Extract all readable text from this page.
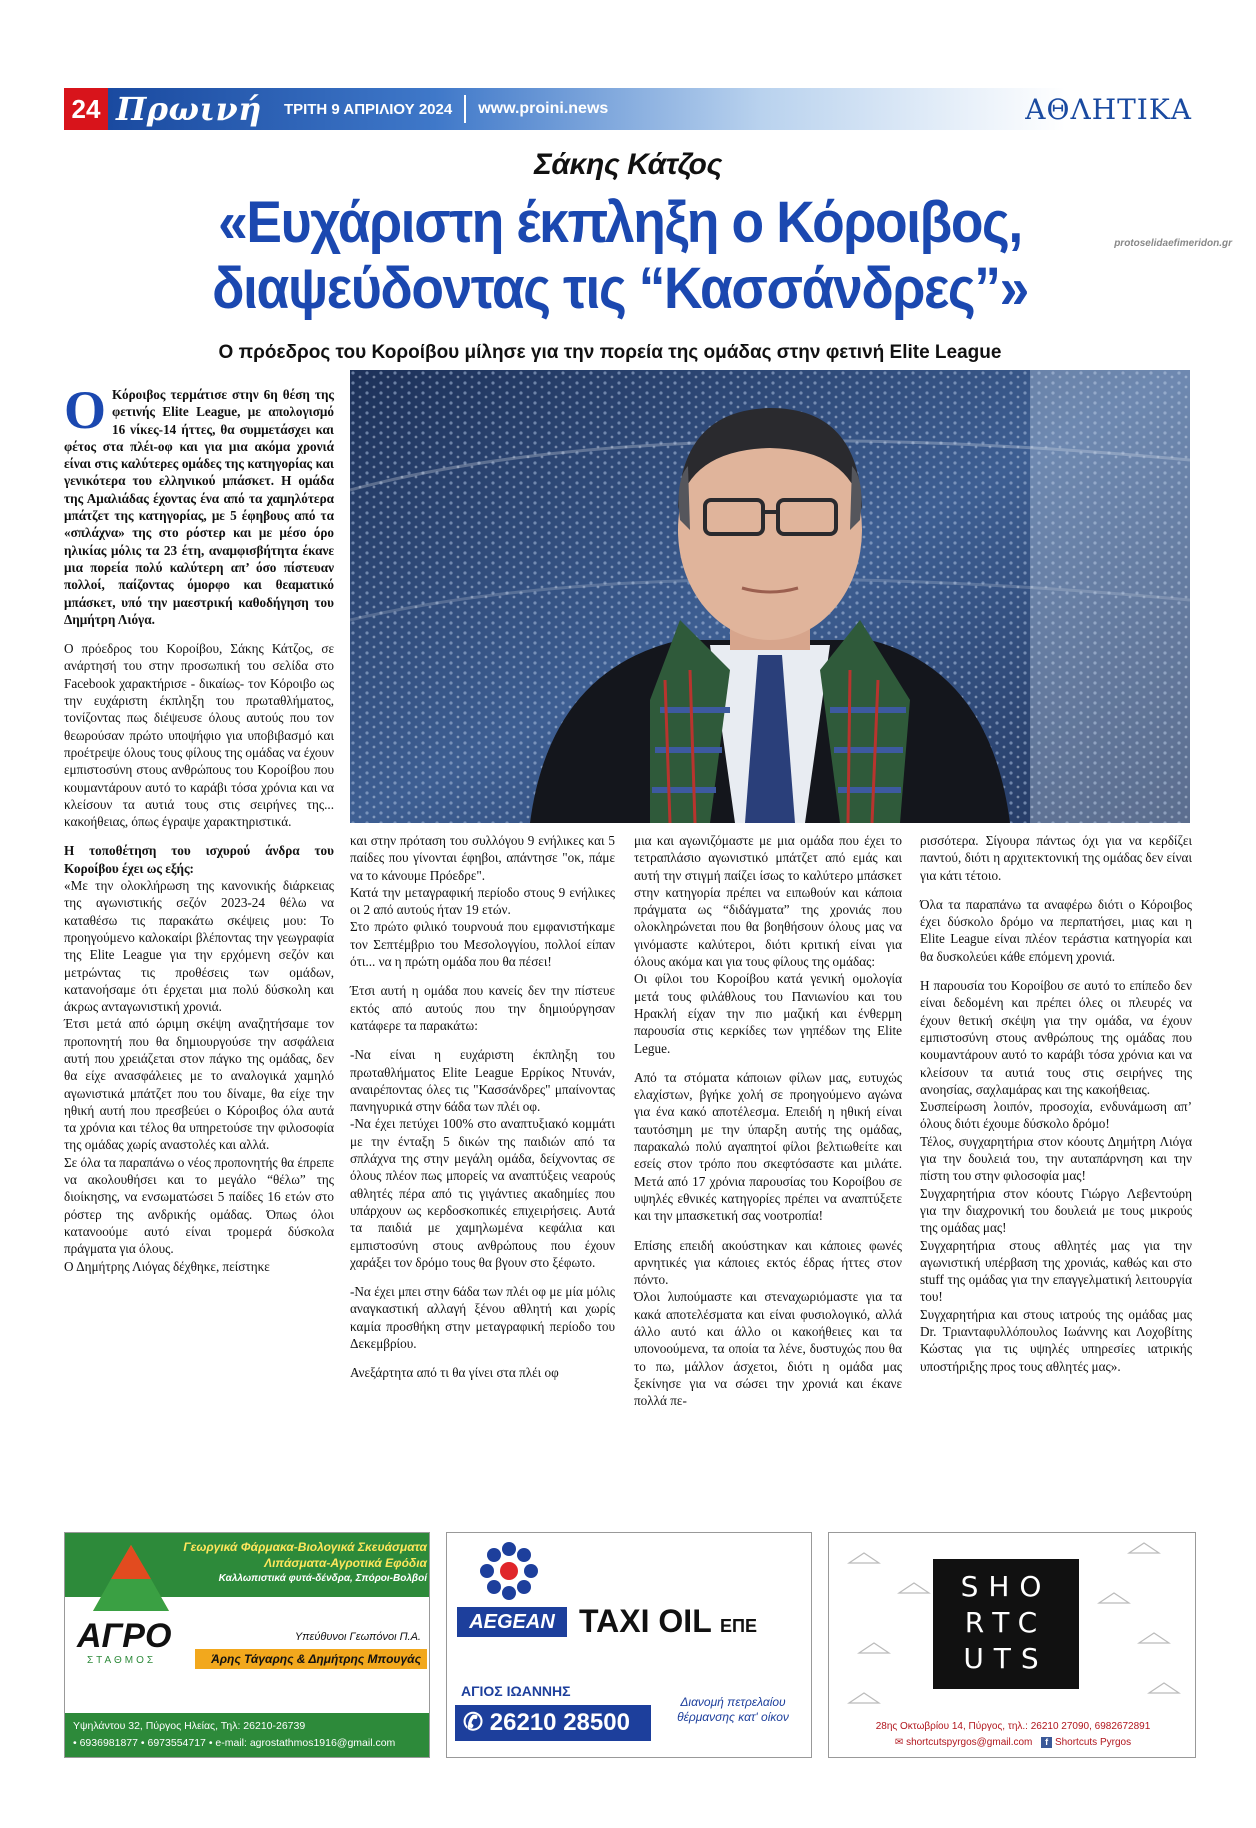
24 Πρωινή ΤΡΙΤΗ 9 ΑΠΡΙΛΙΟΥ 2024 www.proini.news	ΑΘΛΗΤΙΚΑ
protoselidaefimeridon.gr
Σάκης Κάτζος
«Ευχάριστη έκπληξη ο Κόροιβος,
διαψεύδοντας τις “Κασσάνδρες”»
Ο πρόεδρος του Κοροίβου μίλησε για την πορεία της ομάδας στην φετινή Elite League

Ο Κόροιβος τερμάτισε στην 6η θέση της φετινής Elite League, με απολογισμό 16 νίκες-14 ήττες, θα συμμετάσχει και φέτος στα πλέι-οφ και για μια ακόμα χρονιά είναι στις καλύτερες ομάδες της κατηγορίας και γενικότερα του ελληνικού μπάσκετ. Η ομάδα της Αμαλιάδας έχοντας ένα από τα χαμηλότερα μπάτζετ της κατηγορίας, με 5 έφηβους από τα «σπλάχνα» της στο ρόστερ και με μέσο όρο ηλικίας μόλις τα 23 έτη, αναμφισβήτητα έκανε μια πορεία πολύ καλύτερη απ’ όσο πίστευαν πολλοί, παίζοντας όμορφο και θεαματικό μπάσκετ, υπό την μαεστρική καθοδήγηση του Δημήτρη Λιόγα.

Ο πρόεδρος του Κοροίβου, Σάκης Κάτζος, σε ανάρτησή του στην προσωπική του σελίδα στο Facebook χαρακτήρισε - δικαίως- τον Κόροιβο ως την ευχάριστη έκπληξη του πρωταθλήματος, τονίζοντας πως διέψευσε όλους αυτούς που τον θεωρούσαν πρώτο υποψήφιο για υποβιβασμό και προέτρεψε όλους τους φίλους της ομάδας να έχουν εμπιστοσύνη στους ανθρώπους του Κοροίβου που κουμαντάρουν αυτό το καράβι τόσα χρόνια και να κλείσουν τα αυτιά τους στις σειρήνες της... κακοήθειας, όπως έγραψε χαρακτηριστικά.

Η τοποθέτηση του ισχυρού άνδρα του Κοροίβου έχει ως εξής:

«Με την ολοκλήρωση της κανονικής διάρκειας της αγωνιστικής σεζόν 2023-24 θέλω να καταθέσω τις παρακάτω σκέψεις μου: Το προηγούμενο καλοκαίρι βλέποντας την γεωγραφία της Elite League για την ερχόμενη σεζόν και μετρώντας τις προθέσεις των ομάδων, κατανοήσαμε ότι έρχεται μια πολύ δύσκολη και άκρως ανταγωνιστική χρονιά.

Έτσι μετά από ώριμη σκέψη αναζητήσαμε τον προπονητή που θα δημιουργούσε την ασφάλεια αυτή που χρειάζεται στον πάγκο της ομάδας, δεν θα είχε ανασφάλειες με το αναλογικά χαμηλό αγωνιστικά μπάτζετ που του δίναμε, θα είχε την ηθική αυτή που πρεσβεύει ο Κόροιβος όλα αυτά τα χρόνια και τέλος θα υπηρετούσε την φιλοσοφία της ομάδας χωρίς αναστολές και αλλά.

Σε όλα τα παραπάνω ο νέος προπονητής θα έπρεπε να ακολουθήσει και το μεγάλο “θέλω” της διοίκησης, να ενσωματώσει 5 παίδες 16 ετών στο ρόστερ της ανδρικής ομάδας. Όπως όλοι κατανοούμε αυτό είναι τρομερά δύσκολα πράγματα για όλους.

Ο Δημήτρης Λιόγας δέχθηκε, πείστηκε

και στην πρόταση του συλλόγου 9 ενήλικες και 5 παίδες που γίνονται έφηβοι, απάντησε "οκ, πάμε να το κάνουμε Πρόεδρε".

Κατά την μεταγραφική περίοδο στους 9 ενήλικες οι 2 από αυτούς ήταν 19 ετών.

Στο πρώτο φιλικό τουρνουά που εμφανιστήκαμε τον Σεπτέμβριο του Μεσολογγίου, πολλοί είπαν ότι... να η πρώτη ομάδα που θα πέσει!

Έτσι αυτή η ομάδα που κανείς δεν την πίστευε εκτός από αυτούς που την δημιούργησαν κατάφερε τα παρακάτω:

-Να είναι η ευχάριστη έκπληξη του πρωταθλήματος Elite League Ερρίκος Ντυνάν, αναιρέποντας όλες τις "Κασσάνδρες" μπαίνοντας πανηγυρικά στην 6άδα των πλέι οφ.

-Να έχει πετύχει 100% στο αναπτυξιακό κομμάτι με την ένταξη 5 δικών της παιδιών από τα σπλάχνα της στην μεγάλη ομάδα, δείχνοντας σε όλους πλέον πως μπορείς να αναπτύξεις νεαρούς αθλητές πέρα από τις γιγάντιες ακαδημίες που υπάρχουν ως κερδοσκοπικές επιχειρήσεις. Αυτά τα παιδιά με χαμηλωμένα κεφάλια και εμπιστοσύνη στους ανθρώπους που έχουν χαράξει τον δρόμο τους θα βγουν στο ξέφωτο.

-Να έχει μπει στην 6άδα των πλέι οφ με μία μόλις αναγκαστική αλλαγή ξένου αθλητή και χωρίς καμία προσθήκη στην μεταγραφική περίοδο του Δεκεμβρίου.

Ανεξάρτητα από τι θα γίνει στα πλέι οφ

μια και αγωνιζόμαστε με μια ομάδα που έχει το τετραπλάσιο αγωνιστικό μπάτζετ από εμάς και αυτή την στιγμή παίζει ίσως το καλύτερο μπάσκετ στην κατηγορία πρέπει να ειπωθούν και κάποια πράγματα ως “διδάγματα” της χρονιάς που ολοκληρώνεται που θα βοηθήσουν όλους μας να γινόμαστε καλύτεροι, διότι κριτική είναι για όλους ακόμα και για τους φίλους της ομάδας:

Οι φίλοι του Κοροίβου κατά γενική ομολογία μετά τους φιλάθλους του Πανιωνίου και του Ηρακλή είχαν την πιο μαζική και ένθερμη παρουσία στις κερκίδες των γηπέδων της Elite Legue.

Από τα στόματα κάποιων φίλων μας, ευτυχώς ελαχίστων, βγήκε χολή σε προηγούμενο αγώνα για ένα κακό αποτέλεσμα. Επειδή η ηθική είναι ταυτόσημη με την ύπαρξη αυτής της ομάδας, παρακαλώ πολύ αγαπητοί φίλοι βελτιωθείτε και εσείς στον τρόπο που σκεφτόσαστε και μιλάτε. Μετά από 17 χρόνια παρουσίας του Κοροίβου σε υψηλές εθνικές κατηγορίες πρέπει να αναπτύξετε και την μπασκετική σας νοοτροπία!

Επίσης επειδή ακούστηκαν και κάποιες φωνές αρνητικές για κάποιες εκτός έδρας ήττες στον πόντο.

Όλοι λυπούμαστε και στεναχωριόμαστε για τα κακά αποτελέσματα και είναι φυσιολογικό, αλλά άλλο αυτό και άλλο οι κακοήθειες και τα υπονοούμενα, τα οποία τα λένε, δυστυχώς που θα το πω, μάλλον άσχετοι, διότι η ομάδα μας ξεκίνησε για να σώσει την χρονιά και έκανε πολλά πε-

ρισσότερα. Σίγουρα πάντως όχι για να κερδίζει παντού, διότι η αρχιτεκτονική της ομάδας δεν είναι για κάτι τέτοιο.

Όλα τα παραπάνω τα αναφέρω διότι ο Κόροιβος έχει δύσκολο δρόμο να περπατήσει, μιας και η Elite League είναι πλέον τεράστια κατηγορία και θα δυσκολεύει κάθε επόμενη χρονιά.

Η παρουσία του Κοροίβου σε αυτό το επίπεδο δεν είναι δεδομένη και πρέπει όλες οι πλευρές να έχουν θετική σκέψη για την ομάδα, να έχουν εμπιστοσύνη στους ανθρώπους της ομάδας που κουμαντάρουν αυτό το καράβι τόσα χρόνια και να κλείσουν τα αυτιά τους στις σειρήνες της ανοησίας, σαχλαμάρας και της κακοήθειας.

Συσπείρωση λοιπόν, προσοχία, ενδυνάμωση απ’ όλους διότι έχουμε δύσκολο δρόμο!

Τέλος, συγχαρητήρια στον κόουτς Δημήτρη Λιόγα για την δουλειά του, την αυταπάρνηση και την πίστη του στην φιλοσοφία μας!

Συγχαρητήρια στον κόουτς Γιώργο Λεβεντούρη για την διαχρονική του δουλειά με τους μικρούς της ομάδας μας!

Συγχαρητήρια στους αθλητές μας για την αγωνιστική υπέρβαση της χρονιάς, καθώς και στο stuff της ομάδας για την επαγγελματική λειτουργία του!

Συγχαρητήρια και στους ιατρούς της ομάδας μας Dr. Τριανταφυλλόπουλος Ιωάννης και Λοχοβίτης Κώστας για τις υψηλές υπηρεσίες ιατρικής υποστήριξης προς τους αθλητές μας».

Γεωργικά Φάρμακα-Βιολογικά Σκευάσματα
Λιπάσματα-Αγροτικά Εφόδια
Καλλωπιστικά φυτά-δένδρα, Σπόροι-Βολβοί
ΑΓΡΟ
ΣΤΑΘΜΟΣ
Υπεύθυνοι Γεωπόνοι Π.Α.
Άρης Τάγαρης & Δημήτρης Μπουγάς
Υψηλάντου 32, Πύργος Ηλείας, Τηλ: 26210-26739
• 6936981877 • 6973554717 • e-mail: agrostathmos1916@gmail.com
AEGEAN TAXI OIL ΕΠΕ
ΑΓΙΟΣ ΙΩΑΝΝΗΣ
✆ 26210 28500
Διανομή πετρελαίου θέρμανσης κατ' οίκον
SHO
RTC
UTS
28ης Οκτωβρίου 14, Πύργος, τηλ.: 26210 27090, 6982672891
✉ shortcutspyrgos@gmail.com f Shortcuts Pyrgos
